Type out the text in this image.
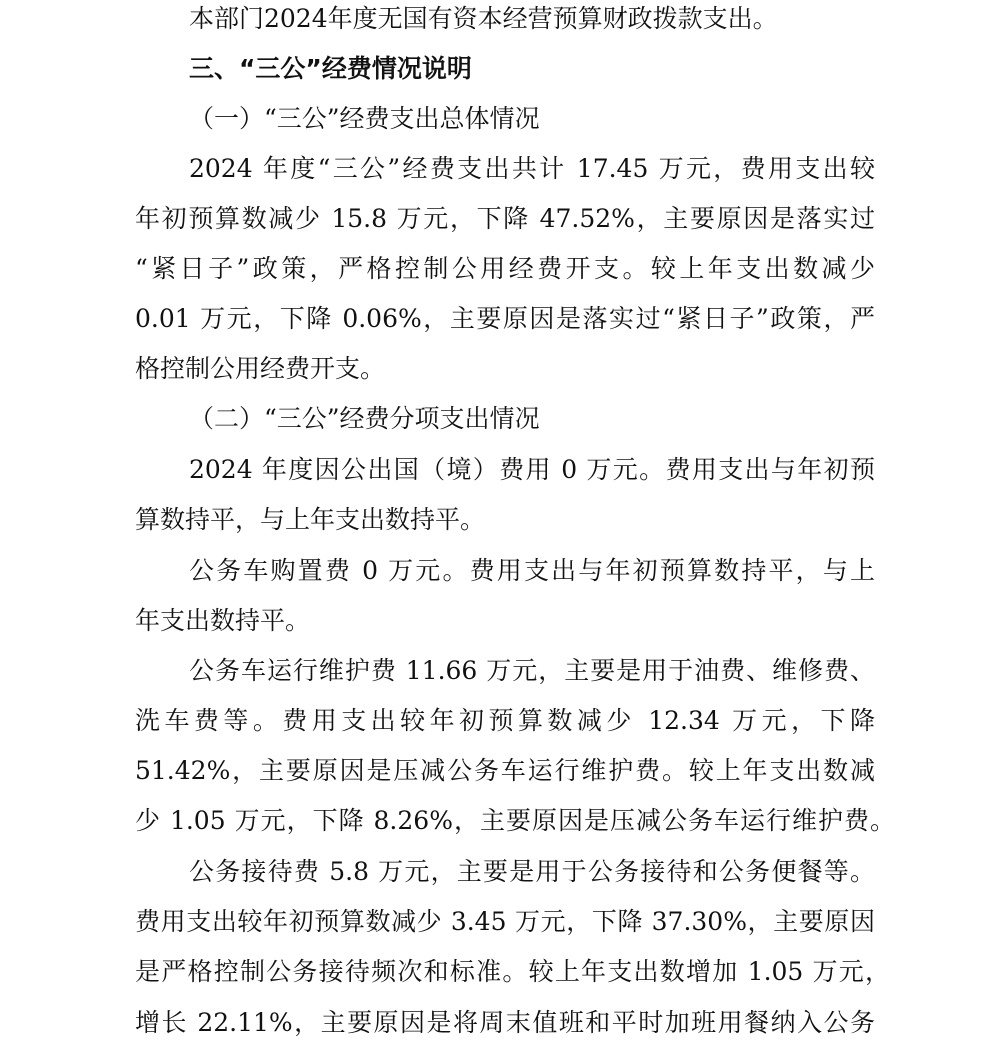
本部门2024年度无国有资本经营预算财政拨款支出。
三、“三公”经费情况说明
（一）“三公”经费支出总体情况
2024 年度“三公”经费支出共计 17.45 万元，费用支出较
年初预算数减少 15.8 万元，下降 47.52%，主要原因是落实过
“紧日子”政策，严格控制公用经费开支。较上年支出数减少
0.01 万元，下降 0.06%，主要原因是落实过“紧日子”政策，严
格控制公用经费开支。
（二）“三公”经费分项支出情况
2024 年度因公出国（境）费用 0 万元。费用支出与年初预
算数持平，与上年支出数持平。
公务车购置费 0 万元。费用支出与年初预算数持平，与上
年支出数持平。
公务车运行维护费 11.66 万元，主要是用于油费、维修费、
洗车费等。费用支出较年初预算数减少 12.34 万元，下降
51.42%，主要原因是压减公务车运行维护费。较上年支出数减
少 1.05 万元，下降 8.26%，主要原因是压减公务车运行维护费。
公务接待费 5.8 万元，主要是用于公务接待和公务便餐等。
费用支出较年初预算数减少 3.45 万元，下降 37.30%，主要原因
是严格控制公务接待频次和标准。较上年支出数增加 1.05 万元，
增长 22.11%，主要原因是将周末值班和平时加班用餐纳入公务
